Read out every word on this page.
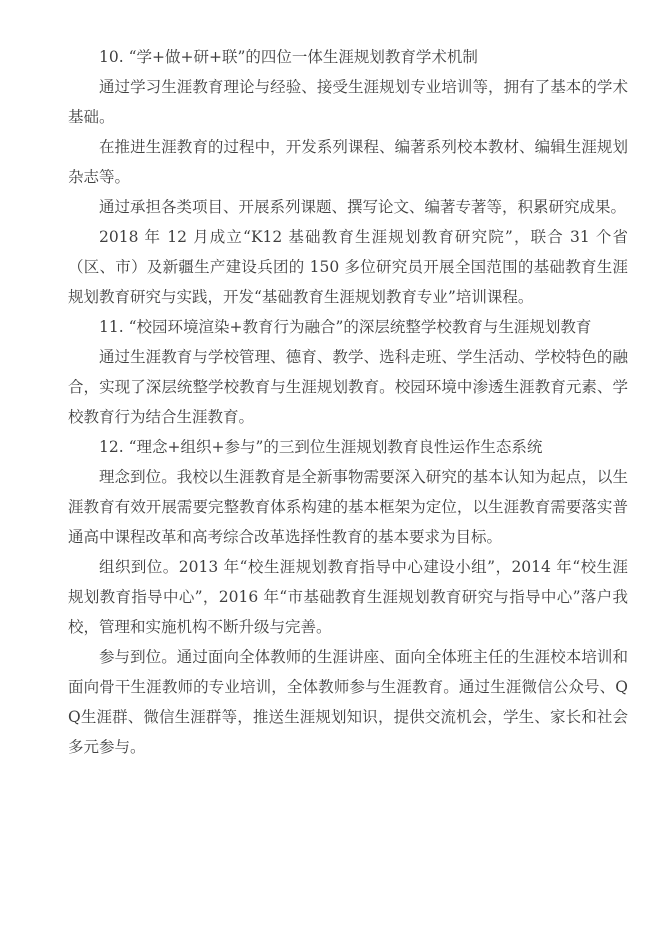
10. “学+做+研+联”的四位一体生涯规划教育学术机制

通过学习生涯教育理论与经验、接受生涯规划专业培训等，拥有了基本的学术基础。

在推进生涯教育的过程中，开发系列课程、编著系列校本教材、编辑生涯规划杂志等。

通过承担各类项目、开展系列课题、撰写论文、编著专著等，积累研究成果。

2018 年 12 月成立“K12 基础教育生涯规划教育研究院”，联合 31 个省（区、市）及新疆生产建设兵团的 150 多位研究员开展全国范围的基础教育生涯规划教育研究与实践，开发“基础教育生涯规划教育专业”培训课程。

11. “校园环境渲染+教育行为融合”的深层统整学校教育与生涯规划教育

通过生涯教育与学校管理、德育、教学、选科走班、学生活动、学校特色的融合，实现了深层统整学校教育与生涯规划教育。校园环境中渗透生涯教育元素、学校教育行为结合生涯教育。

12. “理念+组织+参与”的三到位生涯规划教育良性运作生态系统

理念到位。我校以生涯教育是全新事物需要深入研究的基本认知为起点，以生涯教育有效开展需要完整教育体系构建的基本框架为定位，以生涯教育需要落实普通高中课程改革和高考综合改革选择性教育的基本要求为目标。

组织到位。2013 年“校生涯规划教育指导中心建设小组”，2014 年“校生涯规划教育指导中心”，2016 年“市基础教育生涯规划教育研究与指导中心”落户我校，管理和实施机构不断升级与完善。

参与到位。通过面向全体教师的生涯讲座、面向全体班主任的生涯校本培训和面向骨干生涯教师的专业培训，全体教师参与生涯教育。通过生涯微信公众号、QQ生涯群、微信生涯群等，推送生涯规划知识，提供交流机会，学生、家长和社会多元参与。
